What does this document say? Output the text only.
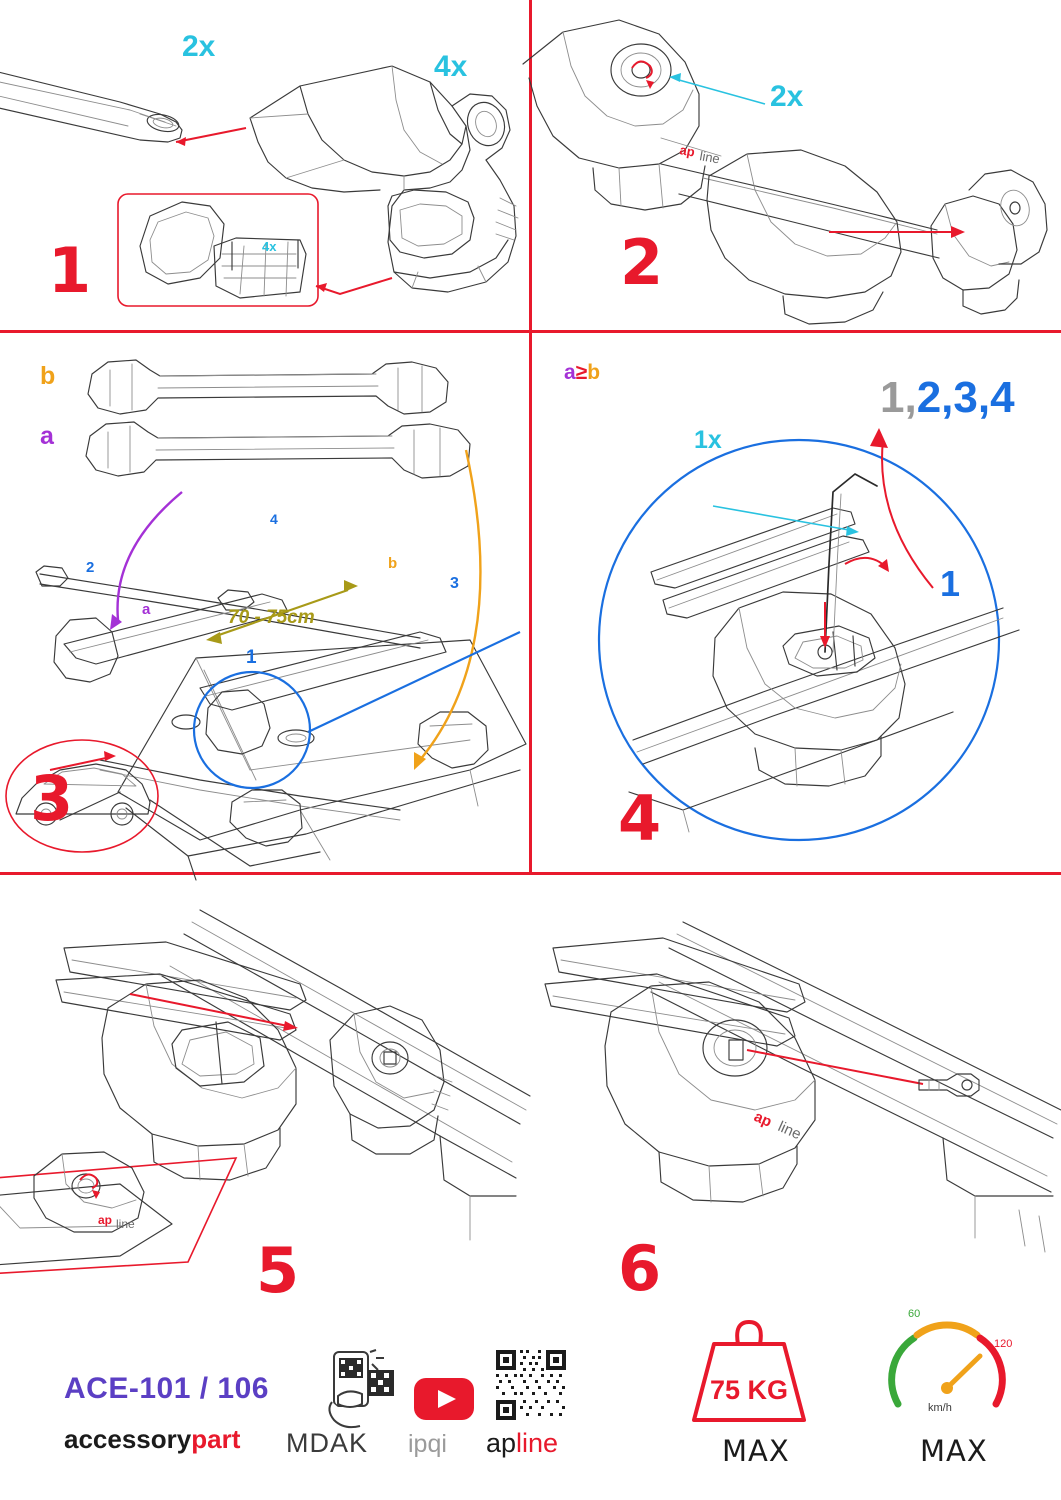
2x
4x
4x
1
ap line
2x
2
b
a
a
b
70 - 75cm
1
2
3
4
3
a≥b
1x
1,2,3,4
1
4
ap line
5
ap line
6
ACE-101 / 106
accessorypart MDAK ipqi apline
75 KG
MAX
60
120
km/h
MAX
